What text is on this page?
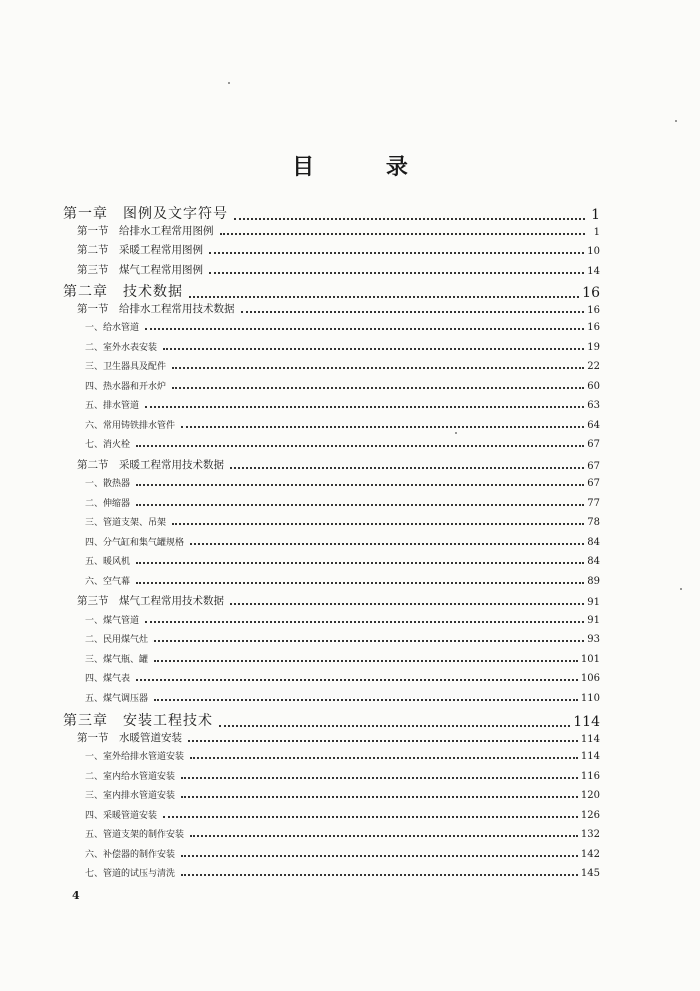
目 录
第一章　图例及文字符号	1
第一节　给排水工程常用图例	1
第二节　采暖工程常用图例	10
第三节　煤气工程常用图例	14
第二章　技术数据	16
第一节　给排水工程常用技术数据	16
一、给水管道	16
二、室外水表安装	19
三、卫生器具及配件	22
四、热水器和开水炉	60
五、排水管道	63
六、常用铸铁排水管件	64
七、消火栓	67
第二节　采暖工程常用技术数据	67
一、散热器	67
二、伸缩器	77
三、管道支架、吊架	78
四、分气缸和集气罐规格	84
五、暖风机	84
六、空气幕	89
第三节　煤气工程常用技术数据	91
一、煤气管道	91
二、民用煤气灶	93
三、煤气瓶、罐	101
四、煤气表	106
五、煤气调压器	110
第三章　安装工程技术	114
第一节　水暖管道安装	114
一、室外给排水管道安装	114
二、室内给水管道安装	116
三、室内排水管道安装	120
四、采暖管道安装	126
五、管道支架的制作安装	132
六、补偿器的制作安装	142
七、管道的试压与清洗	145
4
